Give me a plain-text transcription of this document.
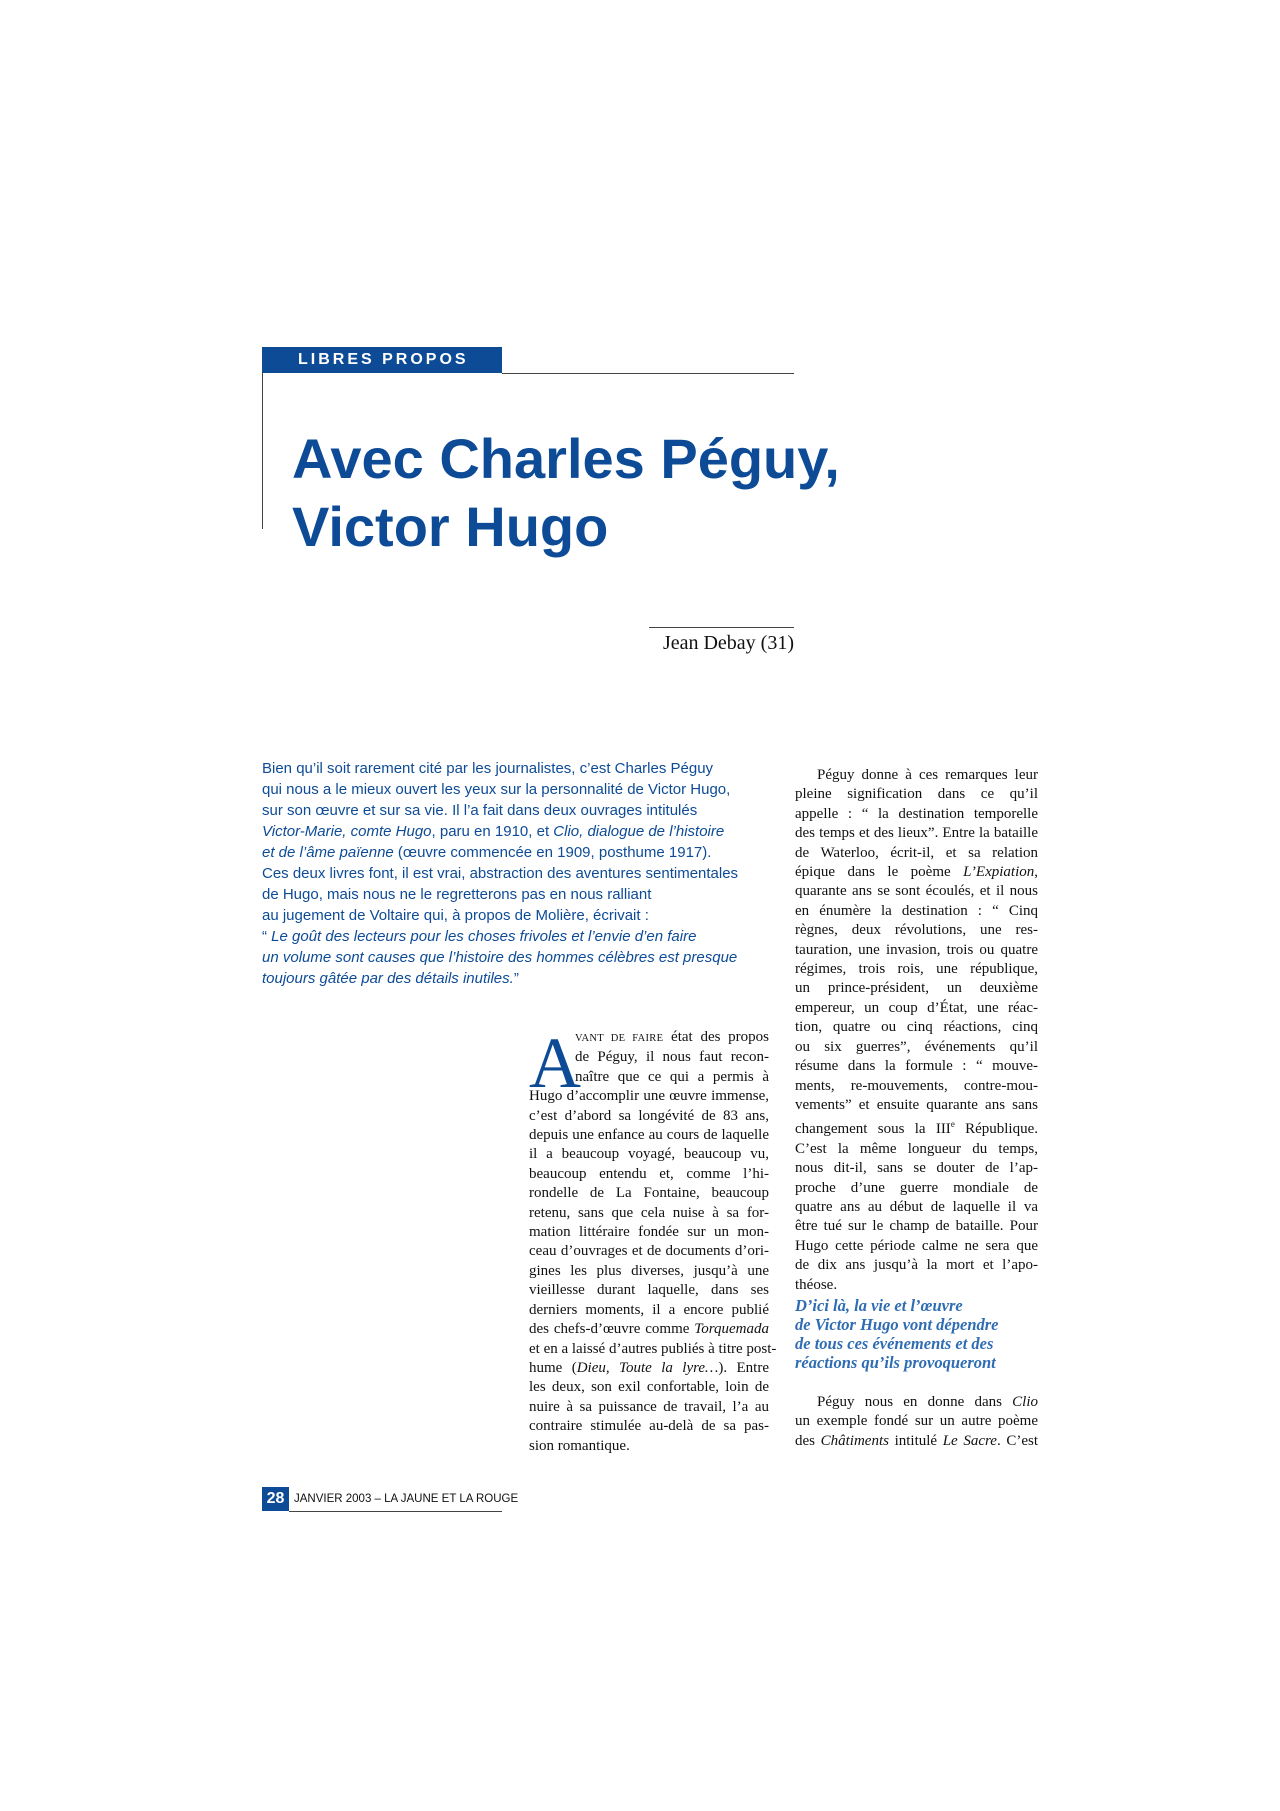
LIBRES PROPOS
Avec Charles Péguy,
Victor Hugo
Jean Debay (31)
Bien qu’il soit rarement cité par les journalistes, c’est Charles Péguy
qui nous a le mieux ouvert les yeux sur la personnalité de Victor Hugo,
sur son œuvre et sur sa vie. Il l’a fait dans deux ouvrages intitulés
Victor-Marie, comte Hugo, paru en 1910, et Clio, dialogue de l’histoire
et de l’âme païenne (œuvre commencée en 1909, posthume 1917).
Ces deux livres font, il est vrai, abstraction des aventures sentimentales
de Hugo, mais nous ne le regretterons pas en nous ralliant
au jugement de Voltaire qui, à propos de Molière, écrivait :
“ Le goût des lecteurs pour les choses frivoles et l’envie d’en faire
un volume sont causes que l’histoire des hommes célèbres est presque
toujours gâtée par des détails inutiles.”
A
VANT DE FAIRE état des propos
de Péguy, il nous faut recon-
naître que ce qui a permis à
Hugo d’accomplir une œuvre immense,
c’est d’abord sa longévité de 83 ans,
depuis une enfance au cours de laquelle
il a beaucoup voyagé, beaucoup vu,
beaucoup entendu et, comme l’hi-
rondelle de La Fontaine, beaucoup
retenu, sans que cela nuise à sa for-
mation littéraire fondée sur un mon-
ceau d’ouvrages et de documents d’ori-
gines les plus diverses, jusqu’à une
vieillesse durant laquelle, dans ses
derniers moments, il a encore publié
des chefs-d’œuvre comme Torquemada
et en a laissé d’autres publiés à titre post-
hume (Dieu, Toute la lyre…). Entre
les deux, son exil confortable, loin de
nuire à sa puissance de travail, l’a au
contraire stimulée au-delà de sa pas-
sion romantique.
Péguy donne à ces remarques leur
pleine signification dans ce qu’il
appelle : “ la destination temporelle
des temps et des lieux”. Entre la bataille
de Waterloo, écrit-il, et sa relation
épique dans le poème L’Expiation,
quarante ans se sont écoulés, et il nous
en énumère la destination : “ Cinq
règnes, deux révolutions, une res-
tauration, une invasion, trois ou quatre
régimes, trois rois, une république,
un prince-président, un deuxième
empereur, un coup d’État, une réac-
tion, quatre ou cinq réactions, cinq
ou six guerres”, événements qu’il
résume dans la formule : “ mouve-
ments, re-mouvements, contre-mou-
vements” et ensuite quarante ans sans
changement sous la IIIe République.
C’est la même longueur du temps,
nous dit-il, sans se douter de l’ap-
proche d’une guerre mondiale de
quatre ans au début de laquelle il va
être tué sur le champ de bataille. Pour
Hugo cette période calme ne sera que
de dix ans jusqu’à la mort et l’apo-
théose.
D’ici là, la vie et l’œuvre
de Victor Hugo vont dépendre
de tous ces événements et des
réactions qu’ils provoqueront
Péguy nous en donne dans Clio
un exemple fondé sur un autre poème
des Châtiments intitulé Le Sacre. C’est
28 JANVIER 2003 – LA JAUNE ET LA ROUGE
